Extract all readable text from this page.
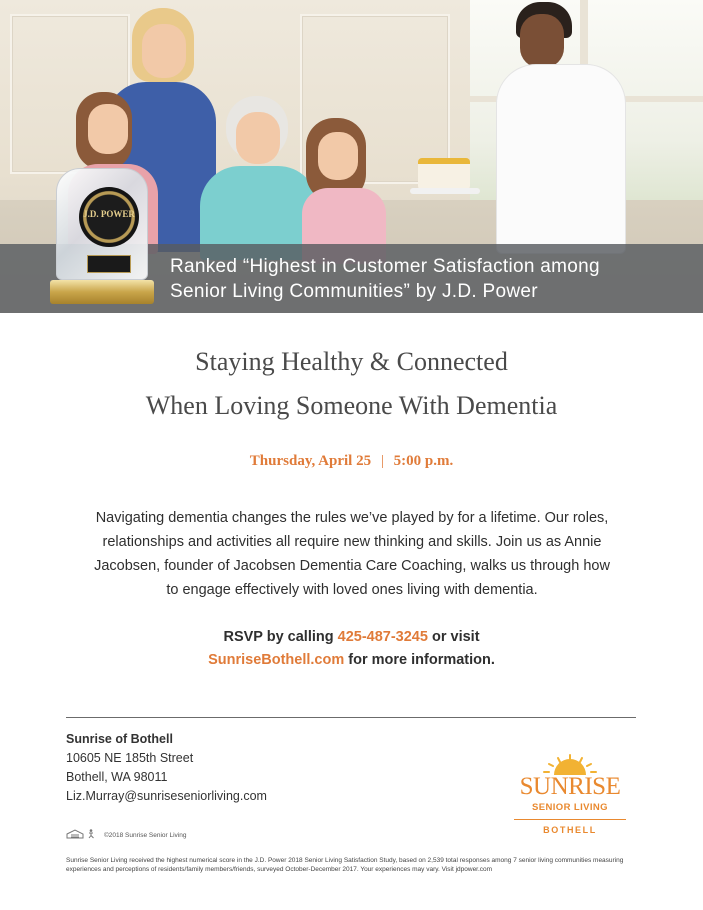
Ranked “Highest in Customer Satisfaction among
Senior Living Communities” by J.D. Power
J.D. POWER
Staying Healthy & Connected
When Loving Someone With Dementia
Thursday, April 25 | 5:00 p.m.
Navigating dementia changes the rules we’ve played by for a lifetime. Our roles,
relationships and activities all require new thinking and skills. Join us as Annie
Jacobsen, founder of Jacobsen Dementia Care Coaching, walks us through how
to engage effectively with loved ones living with dementia.
RSVP by calling 425-487-3245 or visit
SunriseBothell.com for more information.
Sunrise of Bothell
10605 NE 185th Street
Bothell, WA 98011
Liz.Murray@sunriseseniorliving.com	SUNRISE
SENIOR LIVING
BOTHELL
©2018 Sunrise Senior Living
Sunrise Senior Living received the highest numerical score in the J.D. Power 2018 Senior Living Satisfaction Study, based on 2,539 total responses among 7 senior living communities measuring experiences and perceptions of residents/family members/friends, surveyed October-December 2017. Your experiences may vary. Visit jdpower.com
